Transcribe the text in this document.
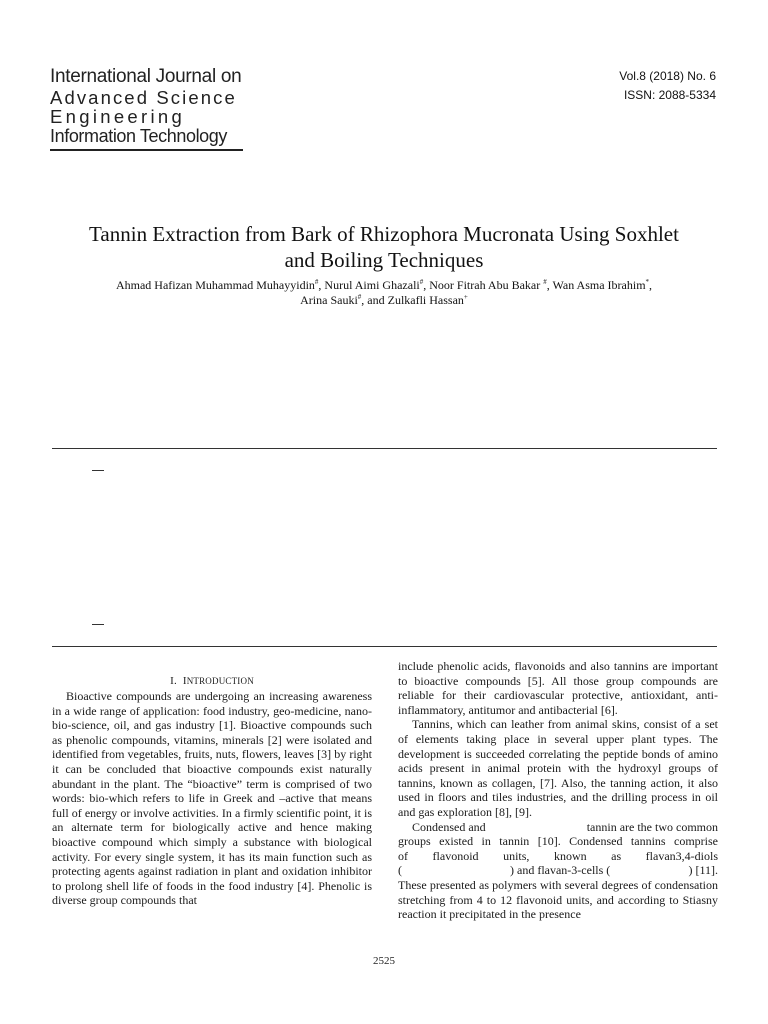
International Journal on
Advanced Science
Engineering
Information Technology
Vol.8 (2018) No. 6
ISSN: 2088-5334
Tannin Extraction from Bark of Rhizophora Mucronata Using Soxhlet
and Boiling Techniques
Ahmad Hafizan Muhammad Muhayyidin#, Nurul Aimi Ghazali#, Noor Fitrah Abu Bakar #, Wan Asma Ibrahim*,
Arina Sauki#, and Zulkafli Hassan+
I. INTRODUCTION

Bioactive compounds are undergoing an increasing awareness in a wide range of application: food industry, geo-medicine, nano-bio-science, oil, and gas industry [1]. Bioactive compounds such as phenolic compounds, vitamins, minerals [2] were isolated and identified from vegetables, fruits, nuts, flowers, leaves [3] by right it can be concluded that bioactive compounds exist naturally abundant in the plant. The “bioactive” term is comprised of two words: bio-which refers to life in Greek and –active that means full of energy or involve activities. In a firmly scientific point, it is an alternate term for biologically active and hence making bioactive compound which simply a substance with biological activity. For every single system, it has its main function such as protecting agents against radiation in plant and oxidation inhibitor to prolong shell life of foods in the food industry [4]. Phenolic is diverse group compounds that

include phenolic acids, flavonoids and also tannins are important to bioactive compounds [5]. All those group compounds are reliable for their cardiovascular protective, antioxidant, anti-inflammatory, antitumor and antibacterial [6].

Tannins, which can leather from animal skins, consist of a set of elements taking place in several upper plant types. The development is succeeded correlating the peptide bonds of amino acids present in animal protein with the hydroxyl groups of tannins, known as collagen, [7]. Also, the tanning action, it also used in floors and tiles industries, and the drilling process in oil and gas exploration [8], [9].

Condensed and	tannin are the two common
groups existed in tannin [10]. Condensed tannins comprise
of flavonoid units, known as flavan3,4-diols
(	) and flavan-3-cells (	) [11].
These presented as polymers with several degrees of condensation stretching from 4 to 12 flavonoid units, and according to Stiasny reaction it precipitated in the presence
2525
